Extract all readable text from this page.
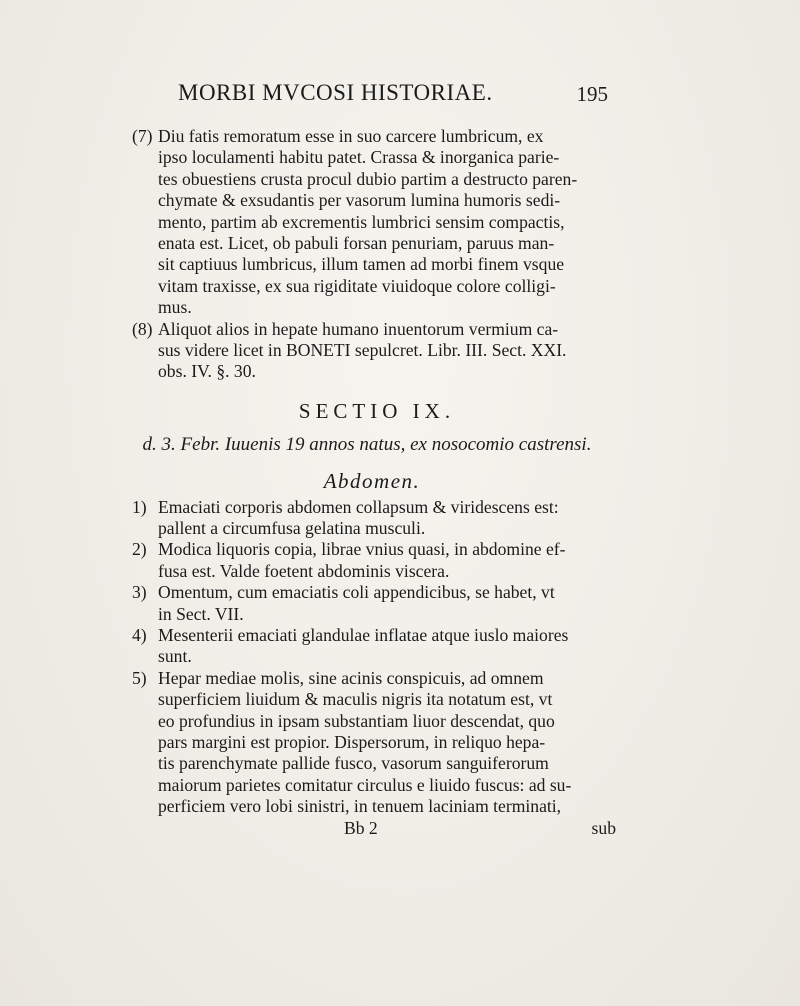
MORBI MVCOSI HISTORIAE.	195
(7) Diu fatis remoratum esse in suo carcere lumbricum, ex
ipso loculamenti habitu patet. Crassa & inorganica parie-
tes obuestiens crusta procul dubio partim a destructo paren-
chymate & exsudantis per vasorum lumina humoris sedi-
mento, partim ab excrementis lumbrici sensim compactis,
enata est. Licet, ob pabuli forsan penuriam, paruus man-
sit captiuus lumbricus, illum tamen ad morbi finem vsque
vitam traxisse, ex sua rigiditate viuidoque colore colligi-
mus.
(8) Aliquot alios in hepate humano inuentorum vermium ca-
sus videre licet in BONETI sepulcret. Libr. III. Sect. XXI.
obs. IV. §. 30.
SECTIO IX.
d. 3. Febr. Iuuenis 19 annos natus, ex nosocomio castrensi.
Abdomen.
1) Emaciati corporis abdomen collapsum & viridescens est:
pallent a circumfusa gelatina musculi.
2) Modica liquoris copia, librae vnius quasi, in abdomine ef-
fusa est. Valde foetent abdominis viscera.
3) Omentum, cum emaciatis coli appendicibus, se habet, vt
in Sect. VII.
4) Mesenterii emaciati glandulae inflatae atque iuslo maiores
sunt.
5) Hepar mediae molis, sine acinis conspicuis, ad omnem
superficiem liuidum & maculis nigris ita notatum est, vt
eo profundius in ipsam substantiam liuor descendat, quo
pars margini est propior. Dispersorum, in reliquo hepa-
tis parenchymate pallide fusco, vasorum sanguiferorum
maiorum parietes comitatur circulus e liuido fuscus: ad su-
perficiem vero lobi sinistri, in tenuem laciniam terminati,
Bb 2	sub
